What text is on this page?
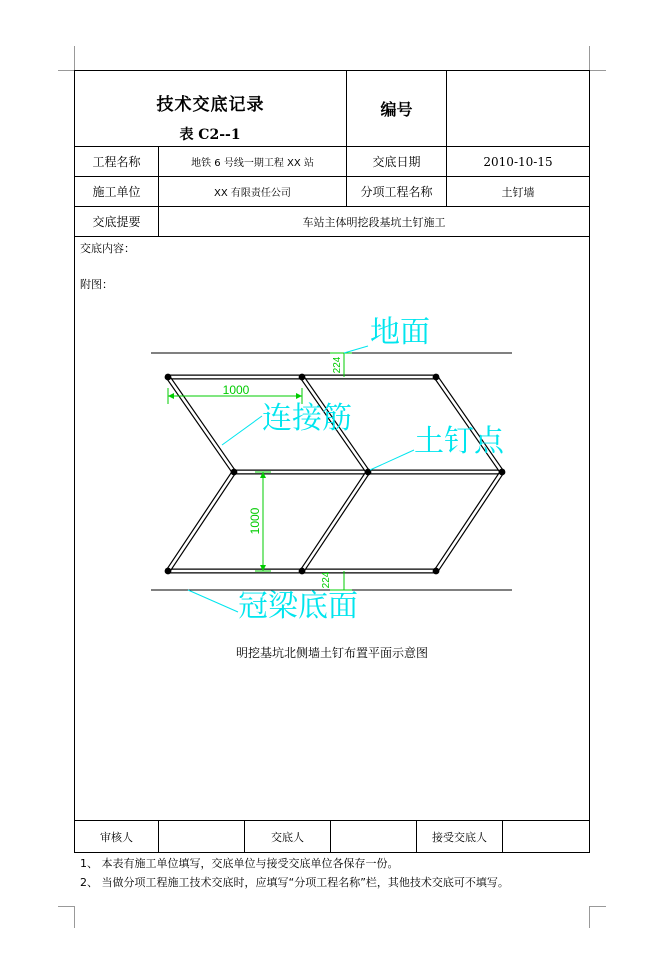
技术交底记录
表 C2--1
编号
工程名称	地铁 6 号线一期工程 XX 站	交底日期	2010-10-15
施工单位	XX 有限责任公司	分项工程名称	土钉墙
交底提要	车站主体明挖段基坑土钉施工
交底内容：
附图：
1000
1000
224
224
地面
连接筋
土钉点
冠梁底面
明挖基坑北侧墙土钉布置平面示意图
审核人	交底人	接受交底人
1、 本表有施工单位填写，交底单位与接受交底单位各保存一份。
2、 当做分项工程施工技术交底时，应填写“分项工程名称”栏，其他技术交底可不填写。
